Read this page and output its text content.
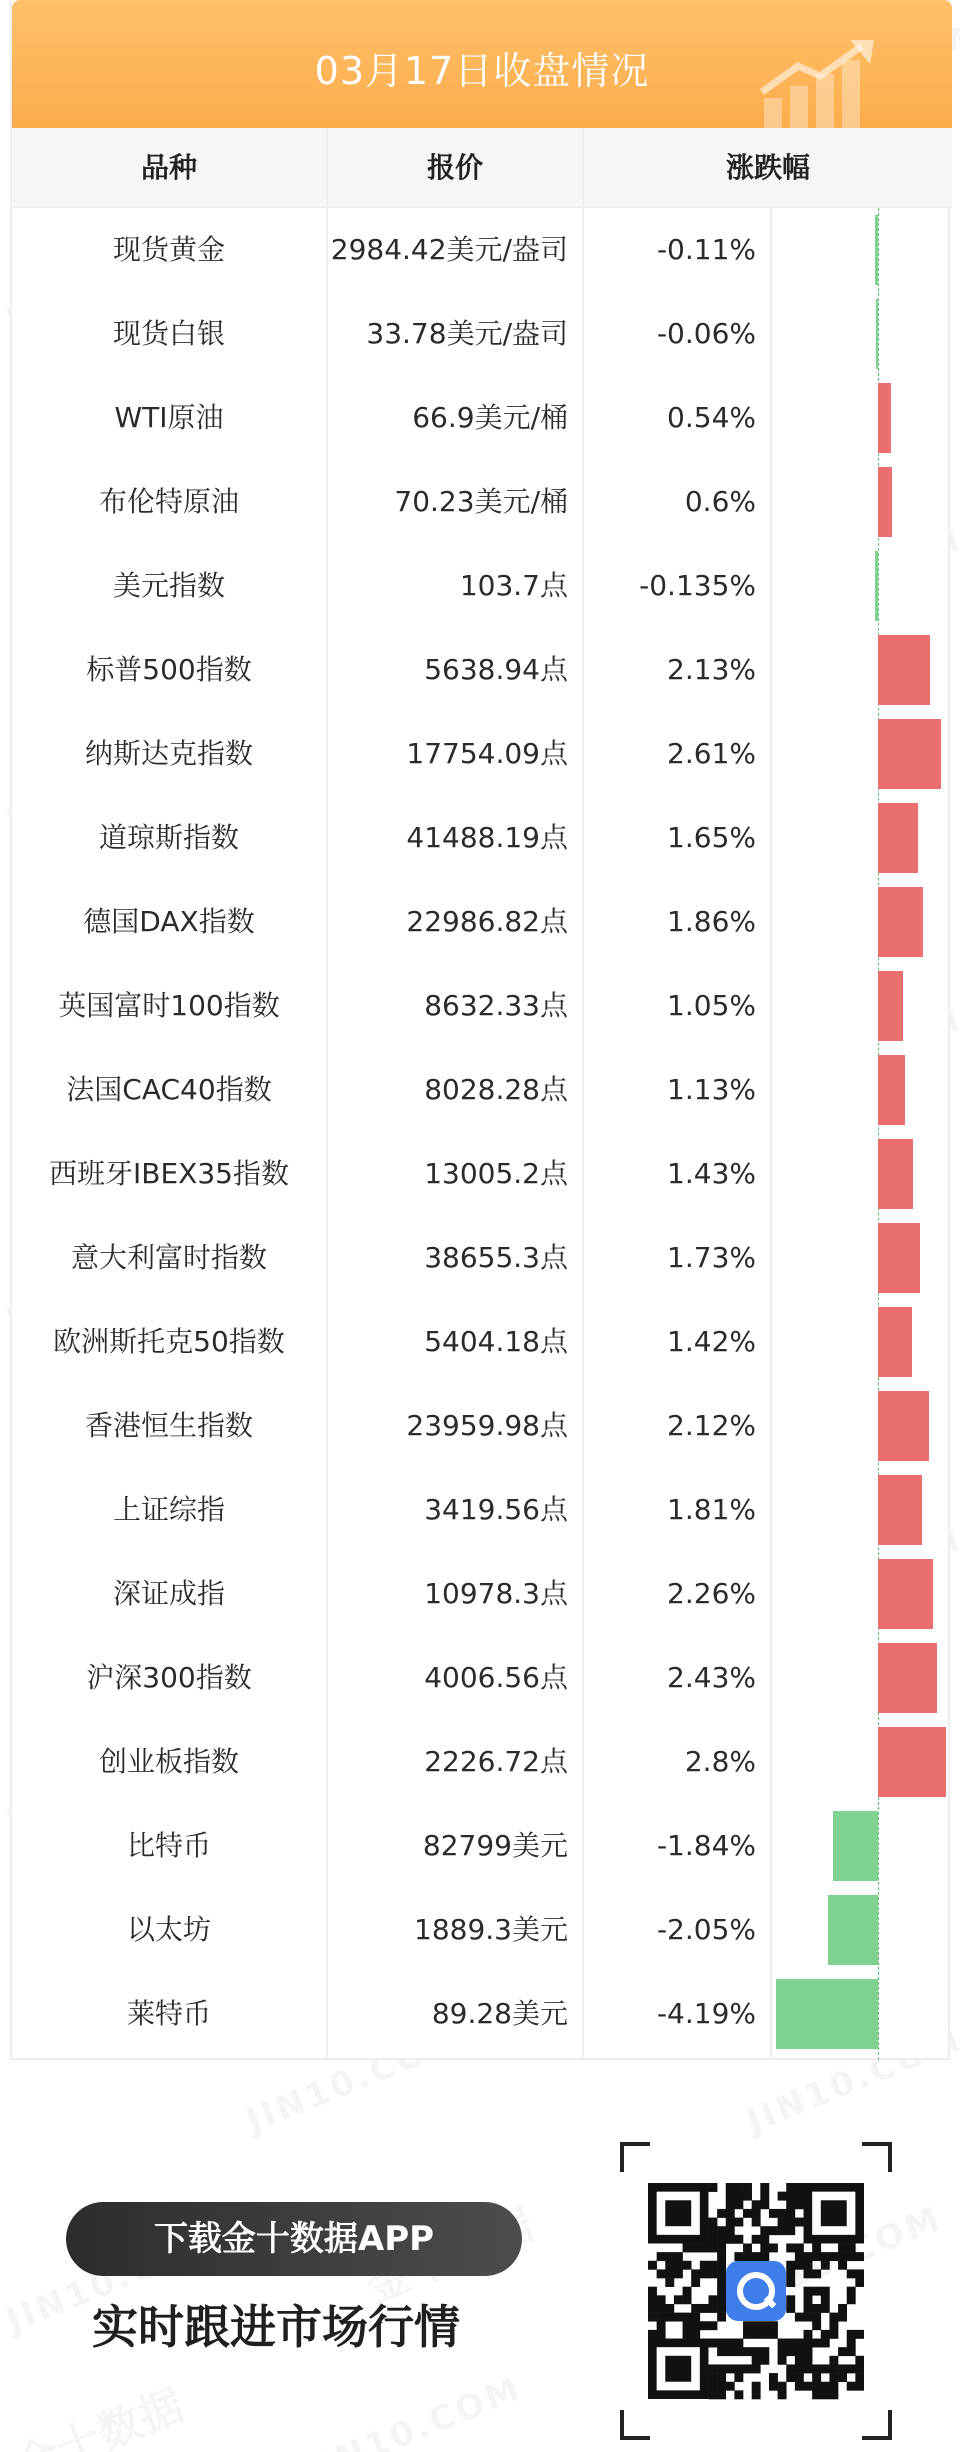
03月17日收盘情况
品种	报价	涨跌幅
现货黄金	2984.42美元/盎司	-0.11%
现货白银	33.78美元/盎司	-0.06%
WTI原油	66.9美元/桶	0.54%
布伦特原油	70.23美元/桶	0.6%
美元指数	103.7点	-0.135%
标普500指数	5638.94点	2.13%
纳斯达克指数	17754.09点	2.61%
道琼斯指数	41488.19点	1.65%
德国DAX指数	22986.82点	1.86%
英国富时100指数	8632.33点	1.05%
法国CAC40指数	8028.28点	1.13%
西班牙IBEX35指数	13005.2点	1.43%
意大利富时指数	38655.3点	1.73%
欧洲斯托克50指数	5404.18点	1.42%
香港恒生指数	23959.98点	2.12%
上证综指	3419.56点	1.81%
深证成指	10978.3点	2.26%
沪深300指数	4006.56点	2.43%
创业板指数	2226.72点	2.8%
比特币	82799美元	-1.84%
以太坊	1889.3美元	-2.05%
莱特币	89.28美元	-4.19%
下载金十数据APP
实时跟进市场行情
